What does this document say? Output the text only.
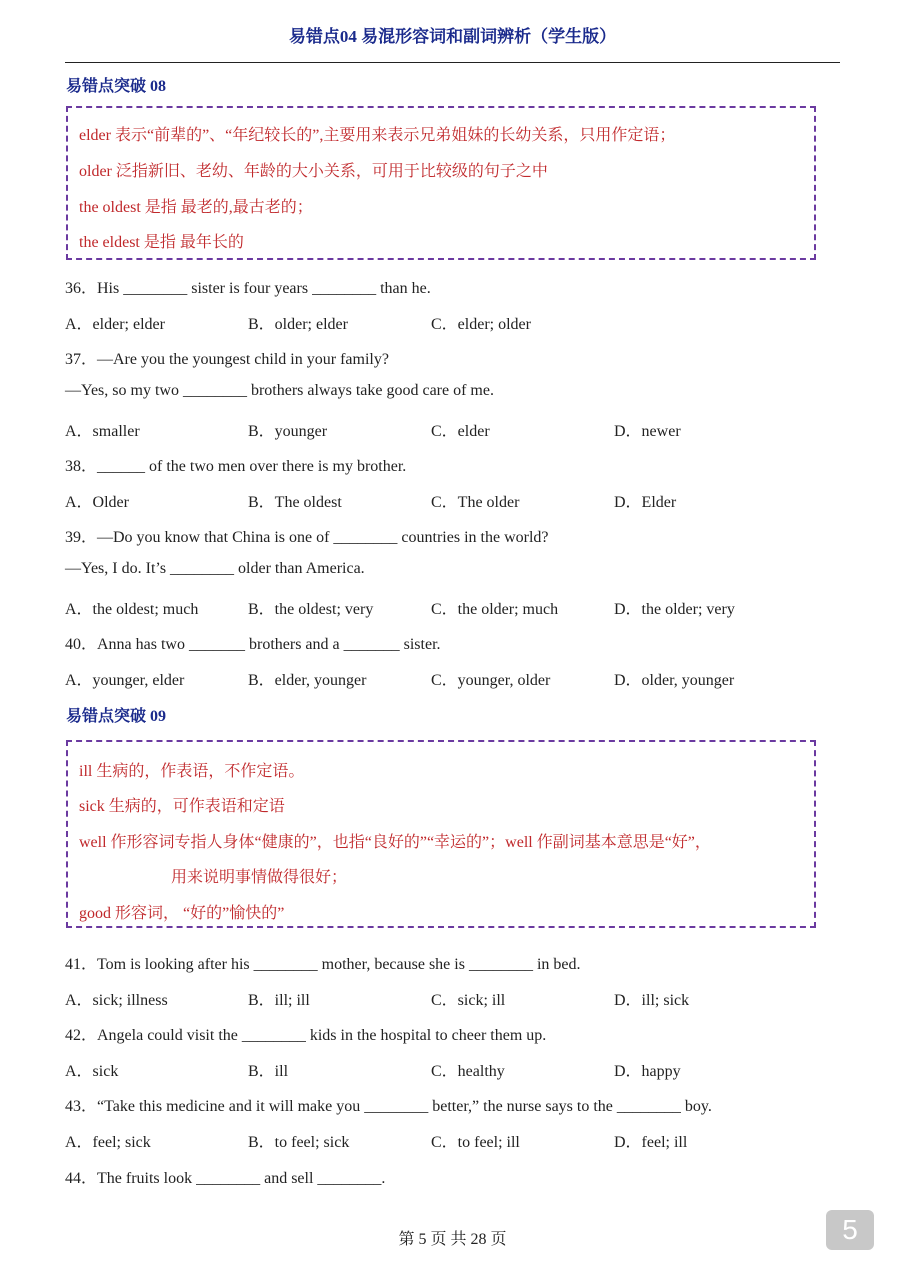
易错点04 易混形容词和副词辨析（学生版）
易错点突破 08
elder 表示“前辈的”、“年纪较长的”,主要用来表示兄弟姐妹的长幼关系，只用作定语；
older 泛指新旧、老幼、年龄的大小关系，可用于比较级的句子之中
the oldest 是指 最老的,最古老的；
the eldest 是指 最年长的
36．His ________ sister is four years ________ than he.
A．elder; elder	B．older; elder	C．elder; older
37．—Are you the youngest child in your family?
—Yes, so my two ________ brothers always take good care of me.
A．smaller	B．younger	C．elder	D．newer
38．______ of the two men over there is my brother.
A．Older	B．The oldest	C．The older	D．Elder
39．—Do you know that China is one of ________ countries in the world?
—Yes, I do. It’s ________ older than America.
A．the oldest; much	B．the oldest; very	C．the older; much	D．the older; very
40．Anna has two _______ brothers and a _______ sister.
A．younger, elder	B．elder, younger	C．younger, older	D．older, younger
易错点突破 09
ill 生病的，作表语，不作定语。
sick 生病的，可作表语和定语
well 作形容词专指人身体“健康的”，也指“良好的”“幸运的”；well 作副词基本意思是“好”，
用来说明事情做得很好；
good 形容词， “好的”愉快的”
41．Tom is looking after his ________ mother, because she is ________ in bed.
A．sick; illness	B．ill; ill	C．sick; ill	D．ill; sick
42．Angela could visit the ________ kids in the hospital to cheer them up.
A．sick	B．ill	C．healthy	D．happy
43．“Take this medicine and it will make you ________ better,” the nurse says to the ________ boy.
A．feel; sick	B．to feel; sick	C．to feel; ill	D．feel; ill
44．The fruits look ________ and sell ________.
第 5 页 共 28 页	5
